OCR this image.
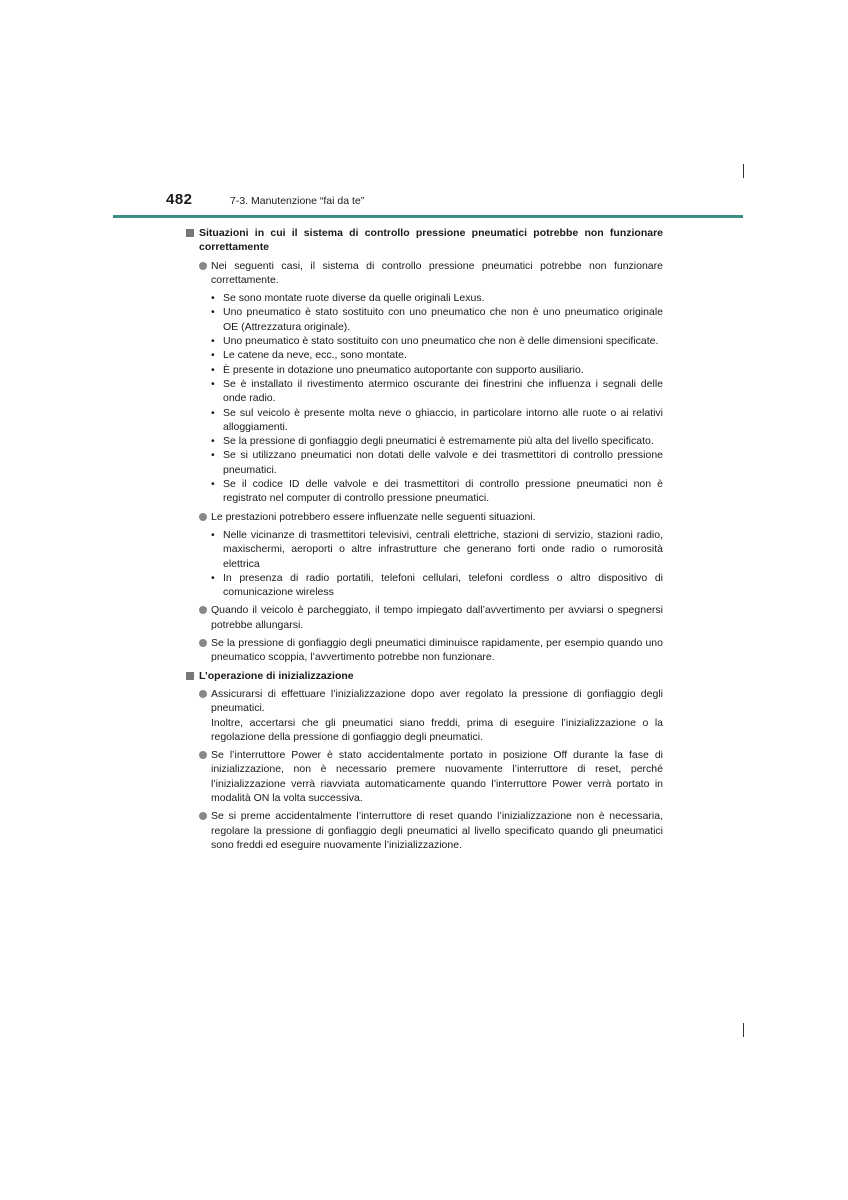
482	7-3. Manutenzione “fai da te”
Situazioni in cui il sistema di controllo pressione pneumatici potrebbe non funzionare correttamente
Nei seguenti casi, il sistema di controllo pressione pneumatici potrebbe non funzionare correttamente.
• Se sono montate ruote diverse da quelle originali Lexus.
• Uno pneumatico è stato sostituito con uno pneumatico che non è uno pneumatico originale OE (Attrezzatura originale).
• Uno pneumatico è stato sostituito con uno pneumatico che non è delle dimensioni specificate.
• Le catene da neve, ecc., sono montate.
• È presente in dotazione uno pneumatico autoportante con supporto ausiliario.
• Se è installato il rivestimento atermico oscurante dei finestrini che influenza i segnali delle onde radio.
• Se sul veicolo è presente molta neve o ghiaccio, in particolare intorno alle ruote o ai relativi alloggiamenti.
• Se la pressione di gonfiaggio degli pneumatici è estremamente più alta del livello specificato.
• Se si utilizzano pneumatici non dotati delle valvole e dei trasmettitori di controllo pressione pneumatici.
• Se il codice ID delle valvole e dei trasmettitori di controllo pressione pneumatici non è registrato nel computer di controllo pressione pneumatici.
Le prestazioni potrebbero essere influenzate nelle seguenti situazioni.
• Nelle vicinanze di trasmettitori televisivi, centrali elettriche, stazioni di servizio, stazioni radio, maxischermi, aeroporti o altre infrastrutture che generano forti onde radio o rumorosità elettrica
• In presenza di radio portatili, telefoni cellulari, telefoni cordless o altro dispositivo di comunicazione wireless
Quando il veicolo è parcheggiato, il tempo impiegato dall’avvertimento per avviarsi o spegnersi potrebbe allungarsi.
Se la pressione di gonfiaggio degli pneumatici diminuisce rapidamente, per esempio quando uno pneumatico scoppia, l’avvertimento potrebbe non funzionare.
L’operazione di inizializzazione
Assicurarsi di effettuare l’inizializzazione dopo aver regolato la pressione di gonfiaggio degli pneumatici.
Inoltre, accertarsi che gli pneumatici siano freddi, prima di eseguire l’inizializzazione o la regolazione della pressione di gonfiaggio degli pneumatici.
Se l’interruttore Power è stato accidentalmente portato in posizione Off durante la fase di inizializzazione, non è necessario premere nuovamente l’interruttore di reset, perché l’inizializzazione verrà riavviata automaticamente quando l’interruttore Power verrà portato in modalità ON la volta successiva.
Se si preme accidentalmente l’interruttore di reset quando l’inizializzazione non è necessaria, regolare la pressione di gonfiaggio degli pneumatici al livello specificato quando gli pneumatici sono freddi ed eseguire nuovamente l’inizializzazione.
